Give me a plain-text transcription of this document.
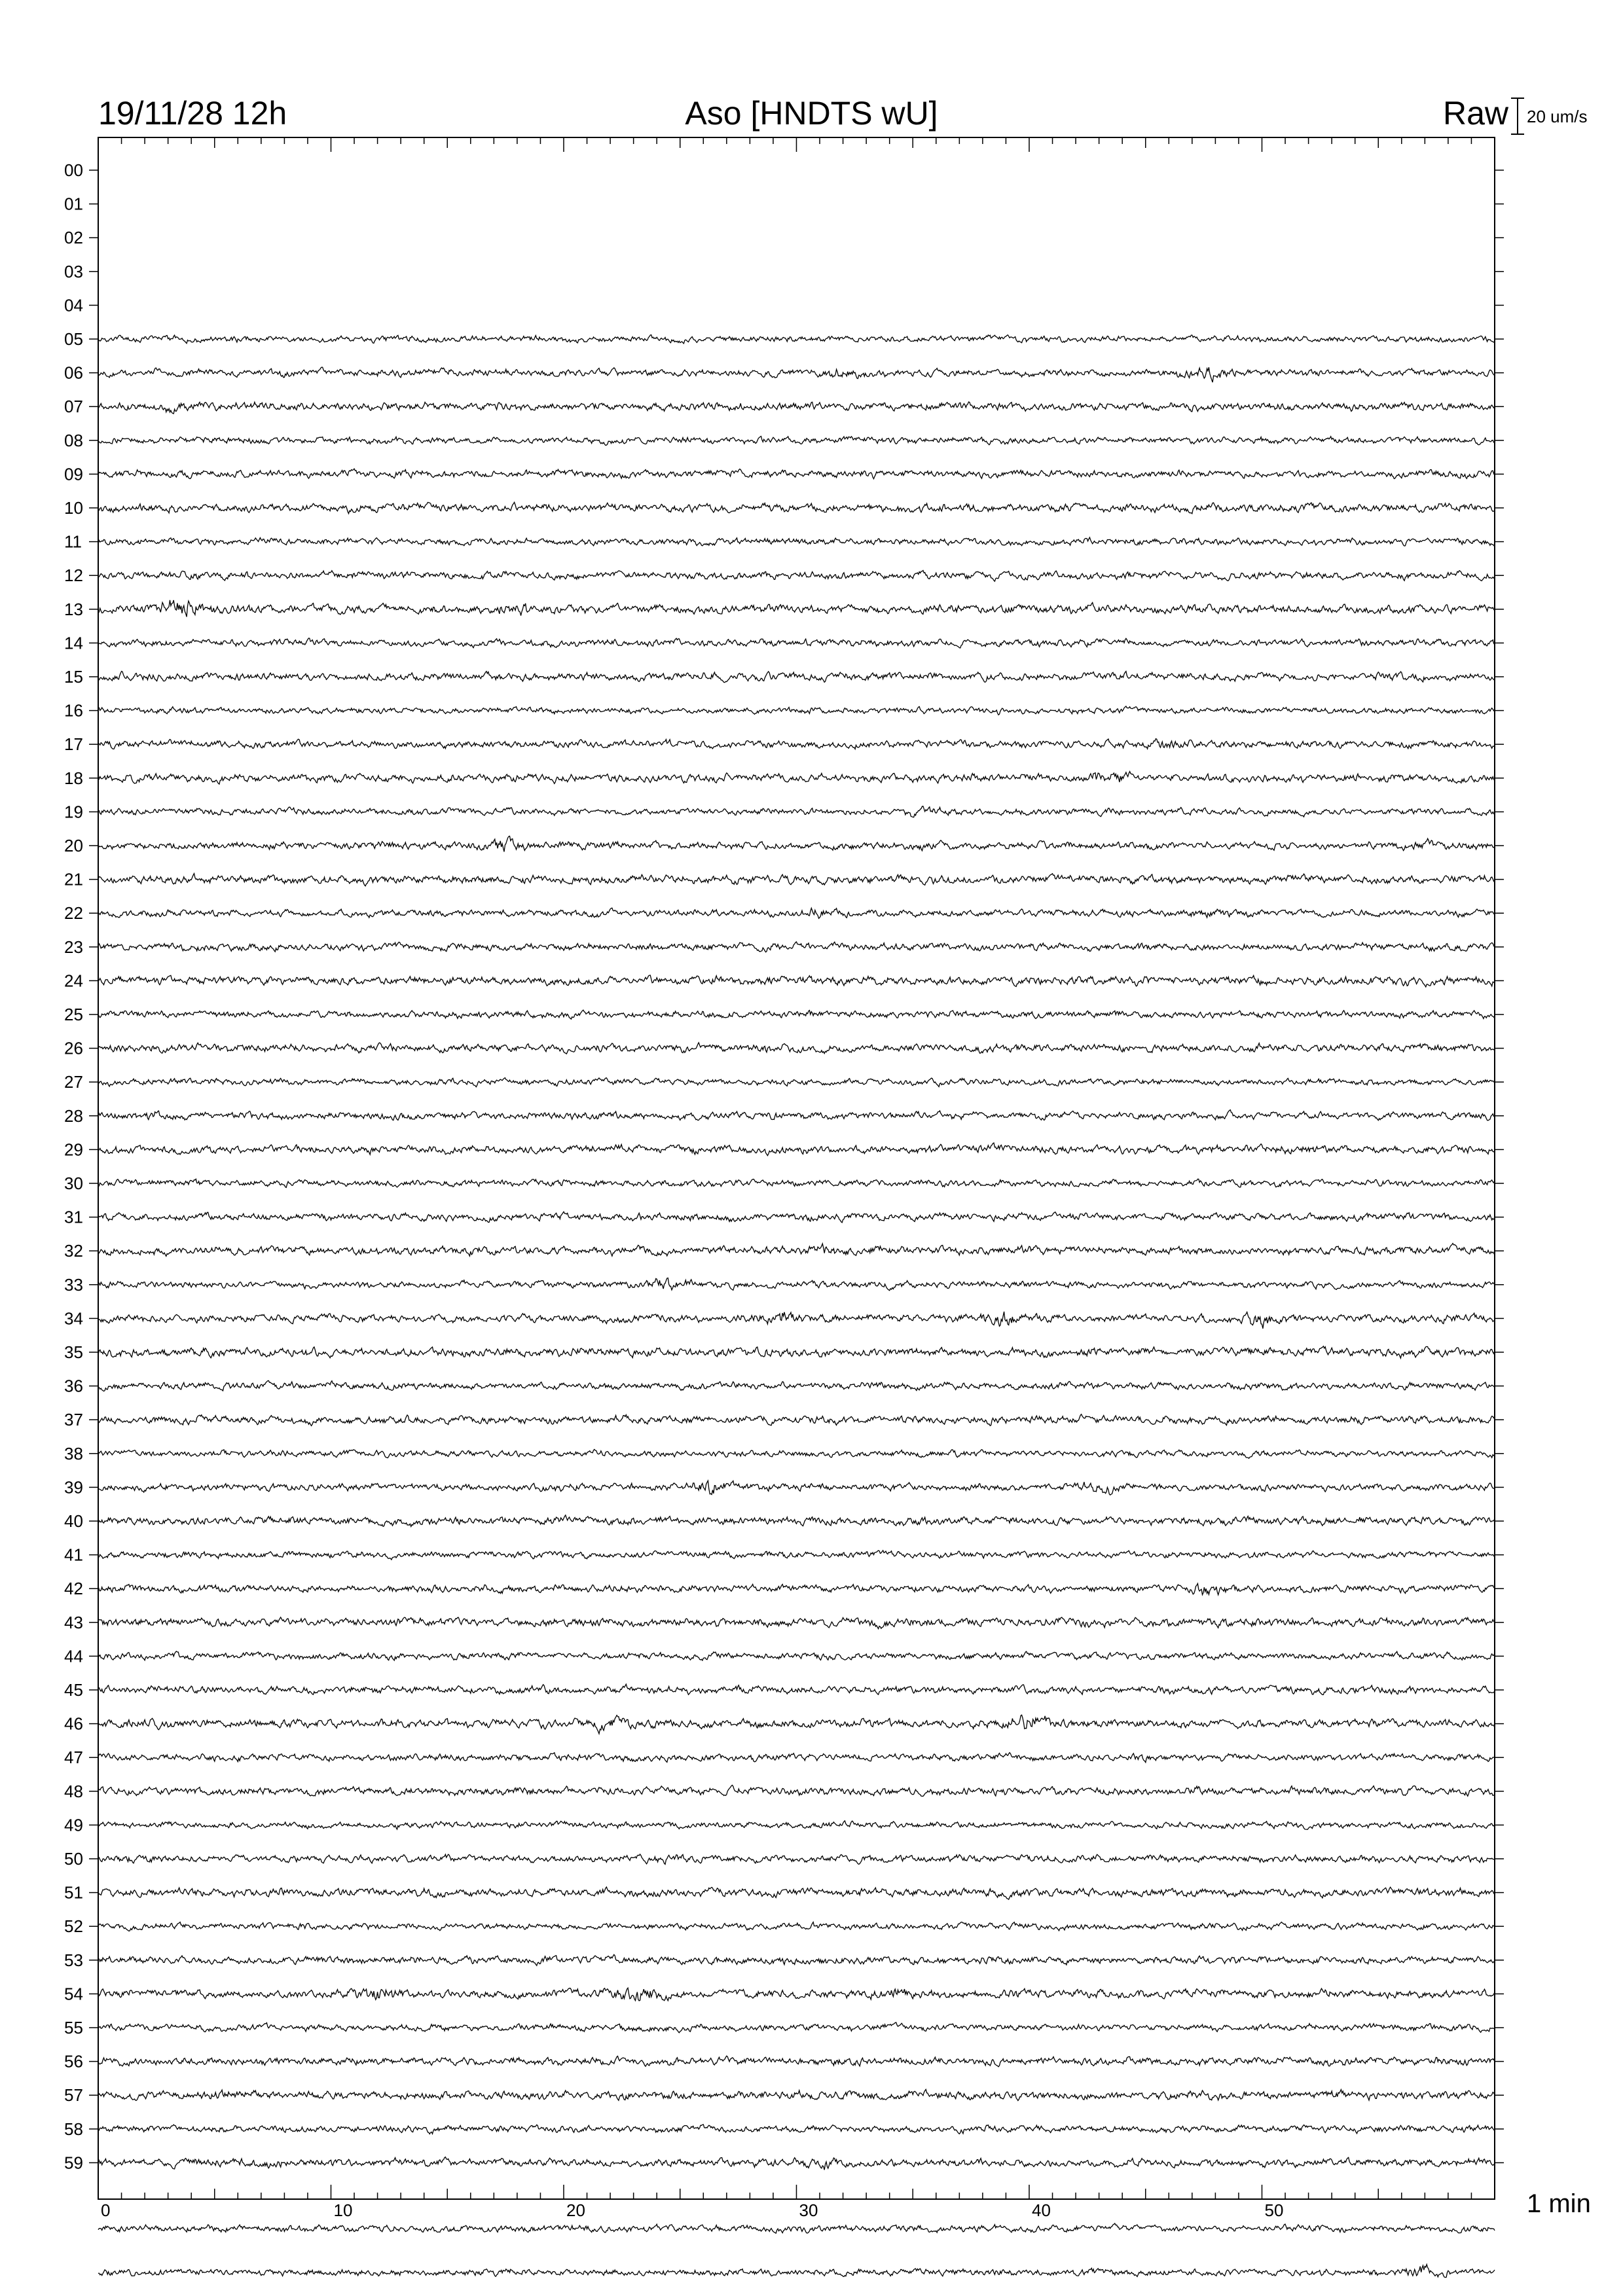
0	10	20	30	40	50
00
01
02
03
04
05
06
07
08
09
10
11
12
13
14
15
16
17
18
19
20
21
22
23
24
25
26
27
28
29
30
31
32
33
34
35
36
37
38
39
40
41
42
43
44
45
46
47
48
49
50
51
52
53
54
55
56
57
58
59
19/11/28 12h	Aso [HNDTS wU]	Raw 20 um/s
1 min
